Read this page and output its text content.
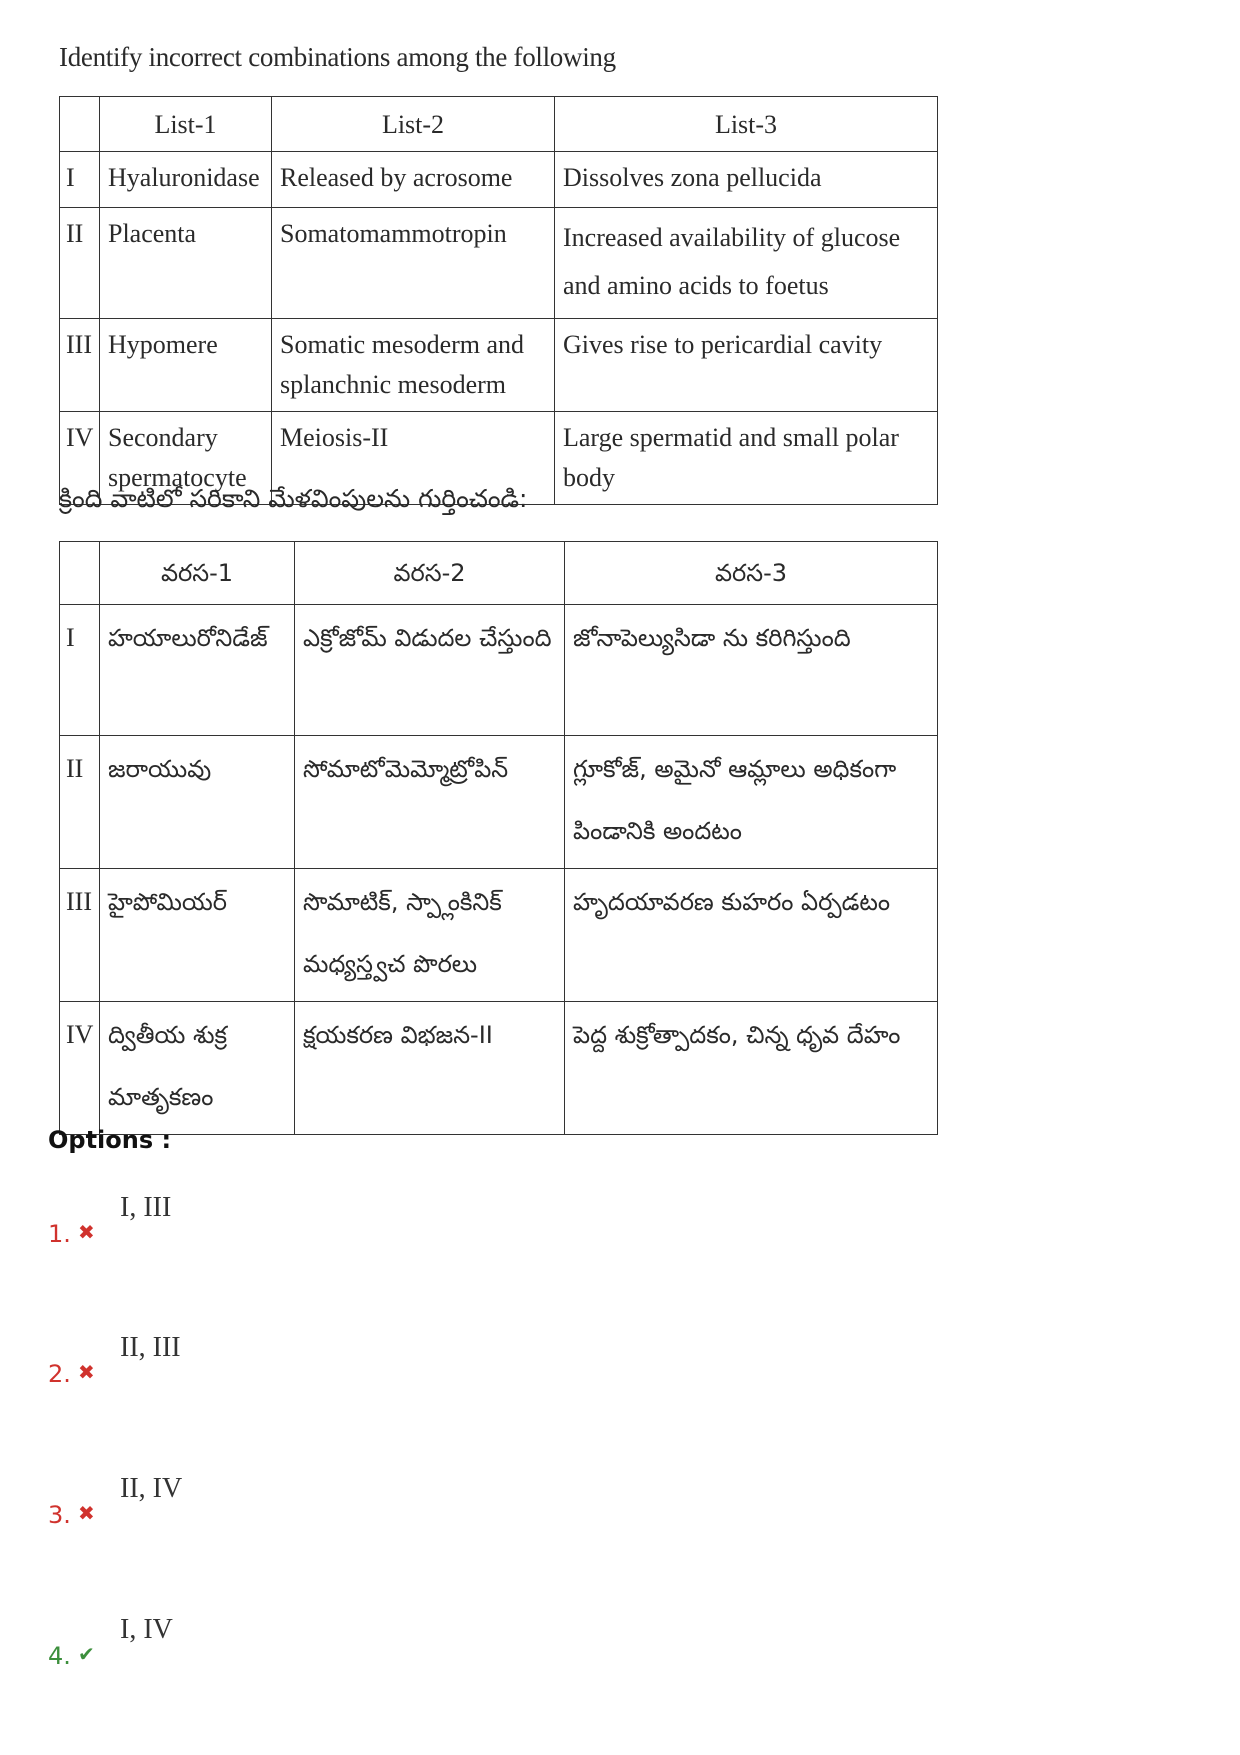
Identify incorrect combinations among the following
	List-1	List-2	List-3
I	Hyaluronidase	Released by acrosome	Dissolves zona pellucida
II	Placenta	Somatomammotropin	Increased availability of glucose and amino acids to foetus
III	Hypomere	Somatic mesoderm and splanchnic mesoderm	Gives rise to pericardial cavity
IV	Secondary spermatocyte	Meiosis-II	Large spermatid and small polar body
క్రింది వాటిలో సరికాని మేళవింపులను గుర్తించండి:
	వరస-1	వరస-2	వరస-3
I	హయాలురోనిడేజ్	ఎక్రోజోమ్ విడుదల చేస్తుంది	జోనాపెల్యుసిడా ను కరిగిస్తుంది
II	జరాయువు	సోమాటోమెమ్మోట్రోపిన్	గ్లూకోజ్, అమైనో ఆమ్లాలు అధికంగా పిండానికి అందటం
III	హైపోమియర్	సొమాటిక్, స్ప్లాంకినిక్ మధ్యస్త్వచ పొరలు	హృదయావరణ కుహరం ఏర్పడటం
IV	ద్వితీయ శుక్ర మాతృకణం	క్షయకరణ విభజన-II	పెద్ద శుక్రోత్పాదకం, చిన్న ధృవ దేహం
Options :
1. ✖
I, III
2. ✖
II, III
3. ✖
II, IV
4. ✔
I, IV
